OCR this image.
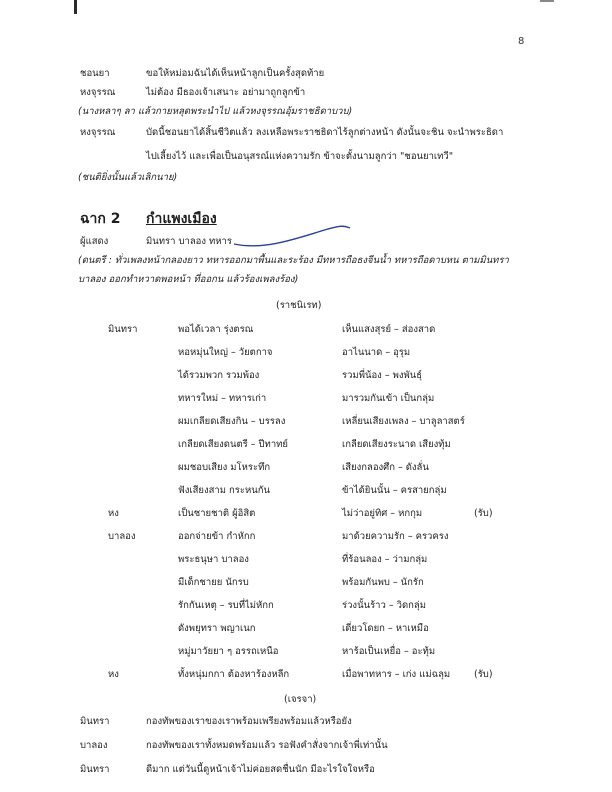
8
ชอนยา	ขอให้หม่อมฉันได้เห็นหน้าลูกเป็นครั้งสุดท้าย
หงจุรรณ	ไม่ต้อง มีธองเจ้าเสนาะ อย่ามาถูกลูกข้า
(นางหลาๆ ลา แล้วกายหลุดพระนำไป แล้วหงจุรรณอุ้มราชธิดาบวบ)
หงจุรรณ	บัดนี้ชอนยาได้สิ้นชีวิตแล้ว ลงเหลือพระราชธิดาไร้ลูกต่างหน้า ดังนั้นจะชิน จะนำพระธิดา
ไปเลี้ยงไว้ และเพื่อเป็นอนุสรณ์แห่งความรัก ข้าจะตั้งนามลูกว่า "ชอนยาเทวี"
(ชนติยิ่งนั้นแล้วเลิกนาย)
ฉาก 2 กำแพงเมือง
ผู้แสดง	มินทรา บาลอง ทหาร
(ดนตรี : ทั่วเพลงหน้ากลองยาว ทหารออกมาพื้นและระร้อง มีทหารถือธงจีนน้ำ ทหารถือดาบหน ตามมินทรา
บาลอง ออกทำหวาดพอหน้า ที่ออกน แล้วร้องเพลงร้อง)
(ราชนิเรท)
มินทรา	พอได้เวลา รุ่งตรณ	เห็นแสงสุรย์ – ส่องสาด
หอหมุ่นใหญ่ – วัยตกาจ	อาไนนาด – อุรุม
ได้รวมพวก รวมพ้อง	รวมพี่น้อง – พงพันธุ์
ทหารใหม่ – ทหารเก่า	มารวมกันเข้า เป็นกลุ่ม
ผมเกลียดเสียงกิน – บรรลง	เหลี่ยนเสียงเพลง – บาลูลาสตร์
เกลียดเสียงดนตรี – ปีทาทย์	เกลียดเสียงระนาด เสียงทุ้ม
ผมชอบเสียง มโหระทึก	เสียงกลองศึก – ดังลั่น
ฟังเสียงสาม กระหนกัน	ข้าได้ยินนั้น – ครสายกลุ่ม
หง	เป็นชายชาติ ผู้อิสิต	ไม่ว่าอยู่ทิศ – หกกุม	(รับ)
บาลอง	ออกจ่ายข้า กำหักก	มาด้วยความรัก – ครวครง
พระธนุษา บาลอง	ที่ร้อนลอง – ว่ามกลุ่ม
มีเด็กชายย นักรบ	พร้อมกันพบ – นักรัก
รักกันเหตุ – รบที่ไม่หักก	ร่วงนั้นร้าว – วิดกลุ่ม
ดังพยุทรา พญาเนก	เดี่ยวโดยก – หาเหมือ
หมู่มาวัยยา ๆ อรรถเหนือ	หาร้อเป็นเหยื่อ – อะทุ้ม
หง	ทั้งหนุ่มกกา ต้องหาร้องหลีก	เมื่อพาทหาร – เก่ง แม่ฉลุม	(รับ)
(เจรจา)
มินทรา	กองทัพของเราของเราพร้อมเพรียงพร้อมแล้วหรือยัง
บาลอง	กองทัพของเราทั้งหมดพร้อมแล้ว รอฟังคำสั่งจากเจ้าพี่เท่านั้น
มินทรา	ดีมาก แต่วันนี้ดูหน้าเจ้าไม่ค่อยสดชื่นนัก มีอะไรใจใจหรือ
